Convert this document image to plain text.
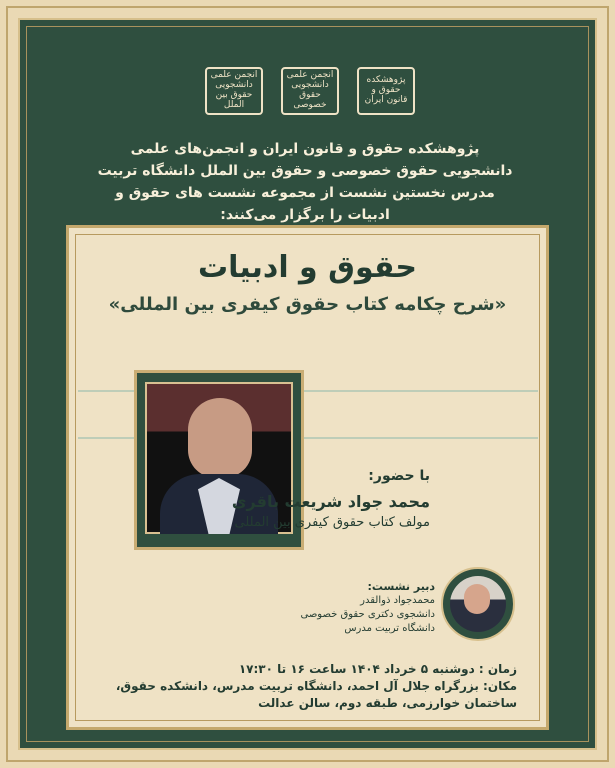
انجمن علمی دانشجویی حقوق بین الملل
انجمن علمی دانشجویی حقوق خصوصی
پژوهشکده حقوق و قانون ایران
پژوهشکده حقوق و قانون ایران و انجمن‌های علمی دانشجویی حقوق خصوصی و حقوق بین الملل دانشگاه تربیت مدرس نخستین نشست از مجموعه نشست های حقوق و ادبیات را برگزار می‌کنند:
حقوق و ادبیات
«شرح چکامه کتاب حقوق کیفری بین المللی»
با حضور:
محمد جواد شریعت باقری
مولف کتاب حقوق کیفری بین المللی
دبیر نشست:
محمدجواد ذوالقدر
دانشجوی دکتری حقوق خصوصی
دانشگاه تربیت مدرس
زمان : دوشنبه ۵ خرداد ۱۴۰۴ ساعت ۱۶ تا ۱۷:۳۰
مکان: بزرگراه جلال آل احمد، دانشگاه تربیت مدرس، دانشکده حقوق، ساختمان خوارزمی، طبقه دوم، سالن عدالت
